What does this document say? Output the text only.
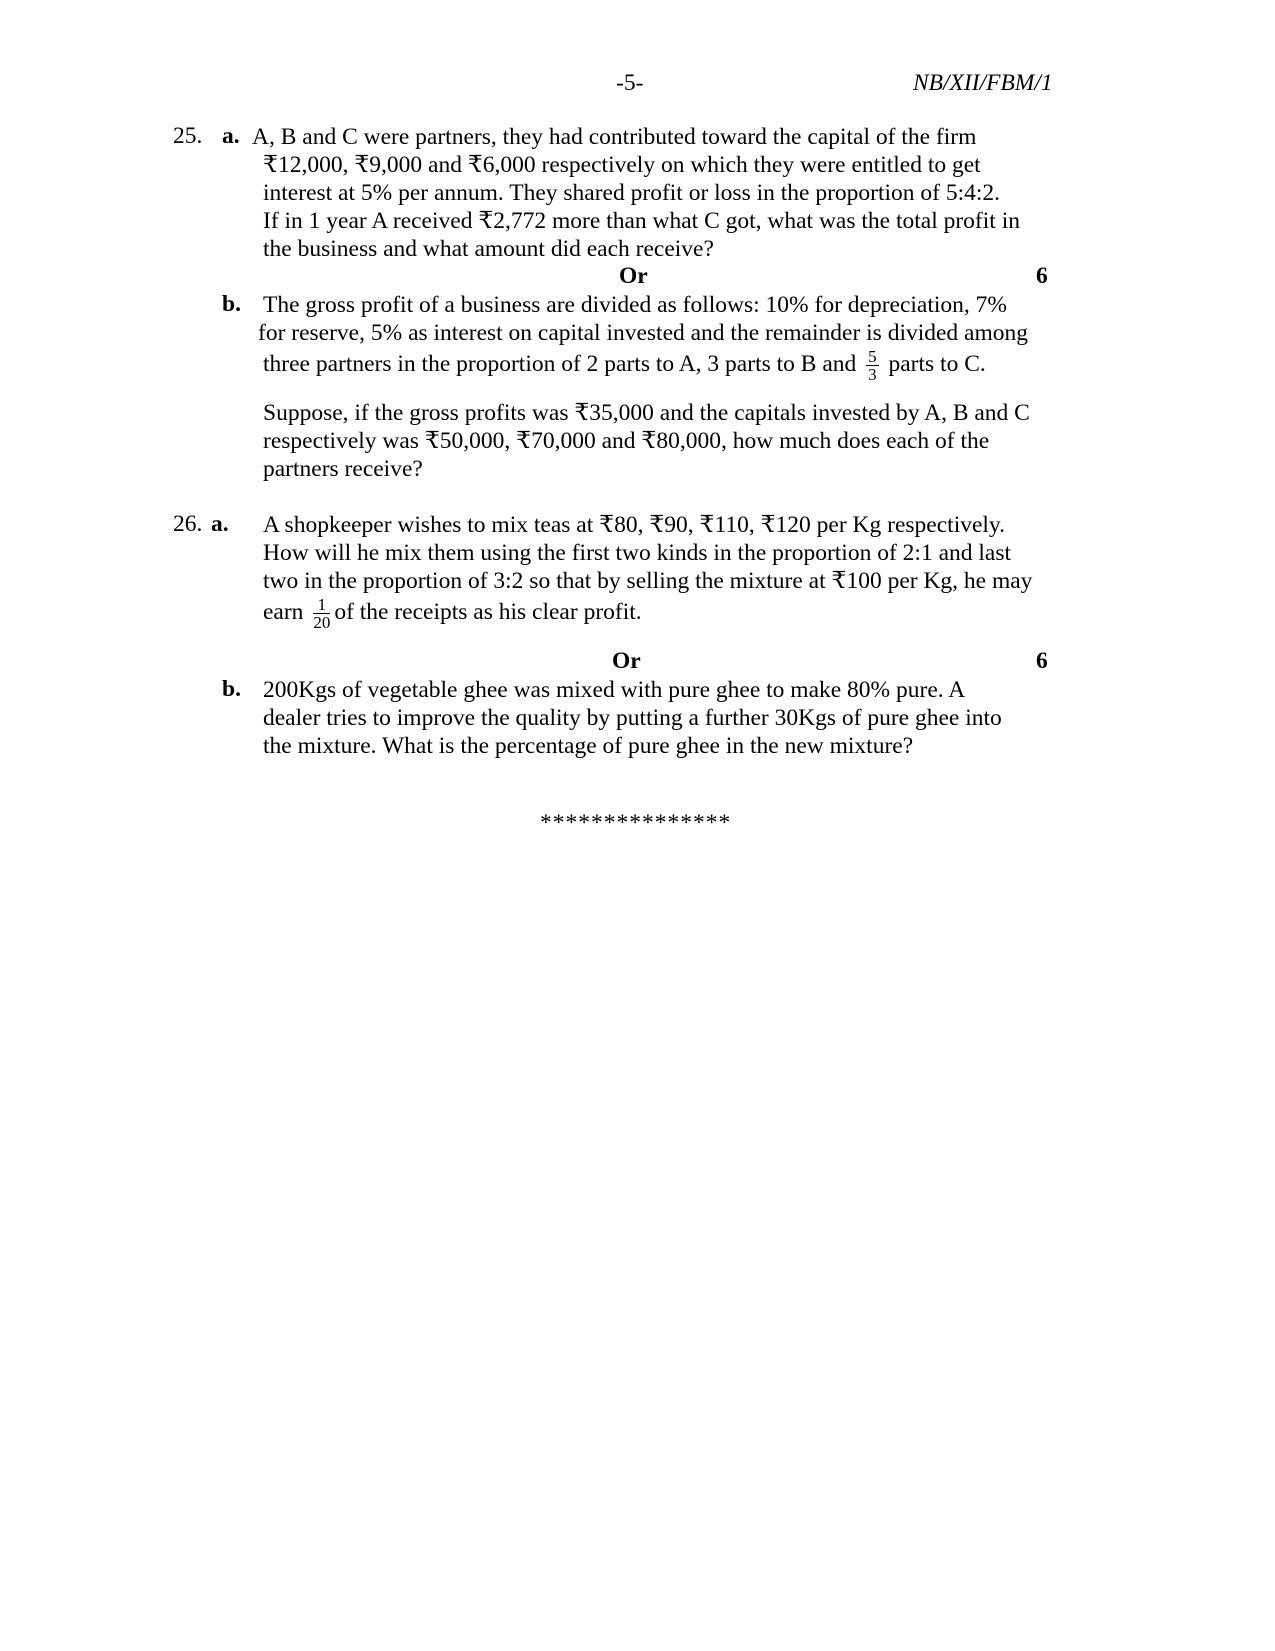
-5-	NB/XII/FBM/1
25. a. A, B and C were partners, they had contributed toward the capital of the firm
₹12,000, ₹9,000 and ₹6,000 respectively on which they were entitled to get
interest at 5% per annum. They shared profit or loss in the proportion of 5:4:2.
If in 1 year A received ₹2,772 more than what C got, what was the total profit in
the business and what amount did each receive?
Or	6
b. The gross profit of a business are divided as follows: 10% for depreciation, 7%
for reserve, 5% as interest on capital invested and the remainder is divided among
three partners in the proportion of 2 parts to A, 3 parts to B and $\frac{5}{3}$ parts to C.
Suppose, if the gross profits was ₹35,000 and the capitals invested by A, B and C
respectively was ₹50,000, ₹70,000 and ₹80,000, how much does each of the
partners receive?
26. a. A shopkeeper wishes to mix teas at ₹80, ₹90, ₹110, ₹120 per Kg respectively.
How will he mix them using the first two kinds in the proportion of 2:1 and last
two in the proportion of 3:2 so that by selling the mixture at ₹100 per Kg, he may
earn $\frac{1}{20}$ of the receipts as his clear profit.
Or	6
b. 200Kgs of vegetable ghee was mixed with pure ghee to make 80% pure. A
dealer tries to improve the quality by putting a further 30Kgs of pure ghee into
the mixture. What is the percentage of pure ghee in the new mixture?
***************
